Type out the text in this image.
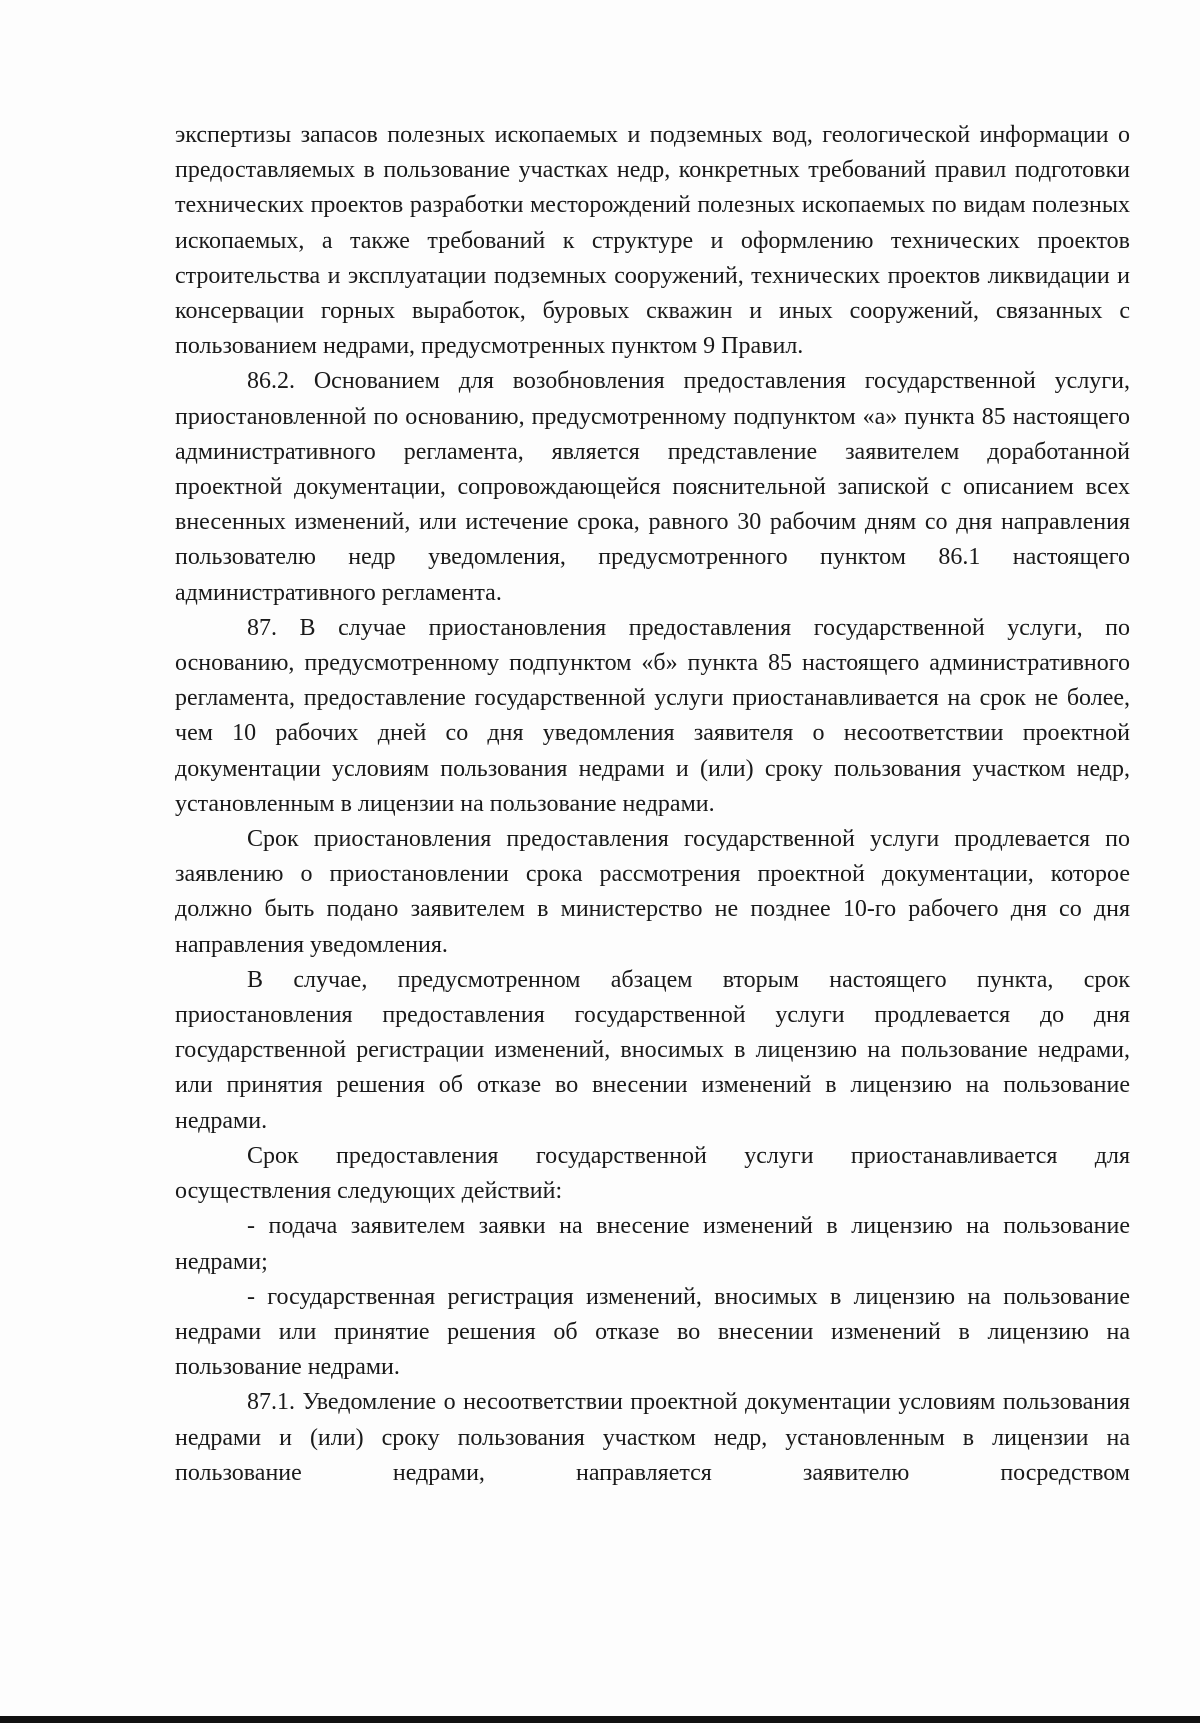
экспертизы запасов полезных ископаемых и подземных вод, геологической информации о предоставляемых в пользование участках недр, конкретных требований правил подготовки технических проектов разработки месторождений полезных ископаемых по видам полезных ископаемых, а также требований к структуре и оформлению технических проектов строительства и эксплуатации подземных сооружений, технических проектов ликвидации и консервации горных выработок, буровых скважин и иных сооружений, связанных с пользованием недрами, предусмотренных пунктом 9 Правил.

86.2. Основанием для возобновления предоставления государственной услуги, приостановленной по основанию, предусмотренному подпунктом «а» пункта 85 настоящего административного регламента, является представление заявителем доработанной проектной документации, сопровождающейся пояснительной запиской с описанием всех внесенных изменений, или истечение срока, равного 30 рабочим дням со дня направления пользователю недр уведомления, предусмотренного пунктом 86.1 настоящего административного регламента.

87. В случае приостановления предоставления государственной услуги, по основанию, предусмотренному подпунктом «б» пункта 85 настоящего административного регламента, предоставление государственной услуги приостанавливается на срок не более, чем 10 рабочих дней со дня уведомления заявителя о несоответствии проектной документации условиям пользования недрами и (или) сроку пользования участком недр, установленным в лицензии на пользование недрами.

Срок приостановления предоставления государственной услуги продлевается по заявлению о приостановлении срока рассмотрения проектной документации, которое должно быть подано заявителем в министерство не позднее 10-го рабочего дня со дня направления уведомления.

В случае, предусмотренном абзацем вторым настоящего пункта, срок приостановления предоставления государственной услуги продлевается до дня государственной регистрации изменений, вносимых в лицензию на пользование недрами, или принятия решения об отказе во внесении изменений в лицензию на пользование недрами.

Срок предоставления государственной услуги приостанавливается для осуществления следующих действий:

- подача заявителем заявки на внесение изменений в лицензию на пользование недрами;

- государственная регистрация изменений, вносимых в лицензию на пользование недрами или принятие решения об отказе во внесении изменений в лицензию на пользование недрами.

87.1. Уведомление о несоответствии проектной документации условиям пользования недрами и (или) сроку пользования участком недр, установленным в лицензии на пользование недрами, направляется заявителю посредством
